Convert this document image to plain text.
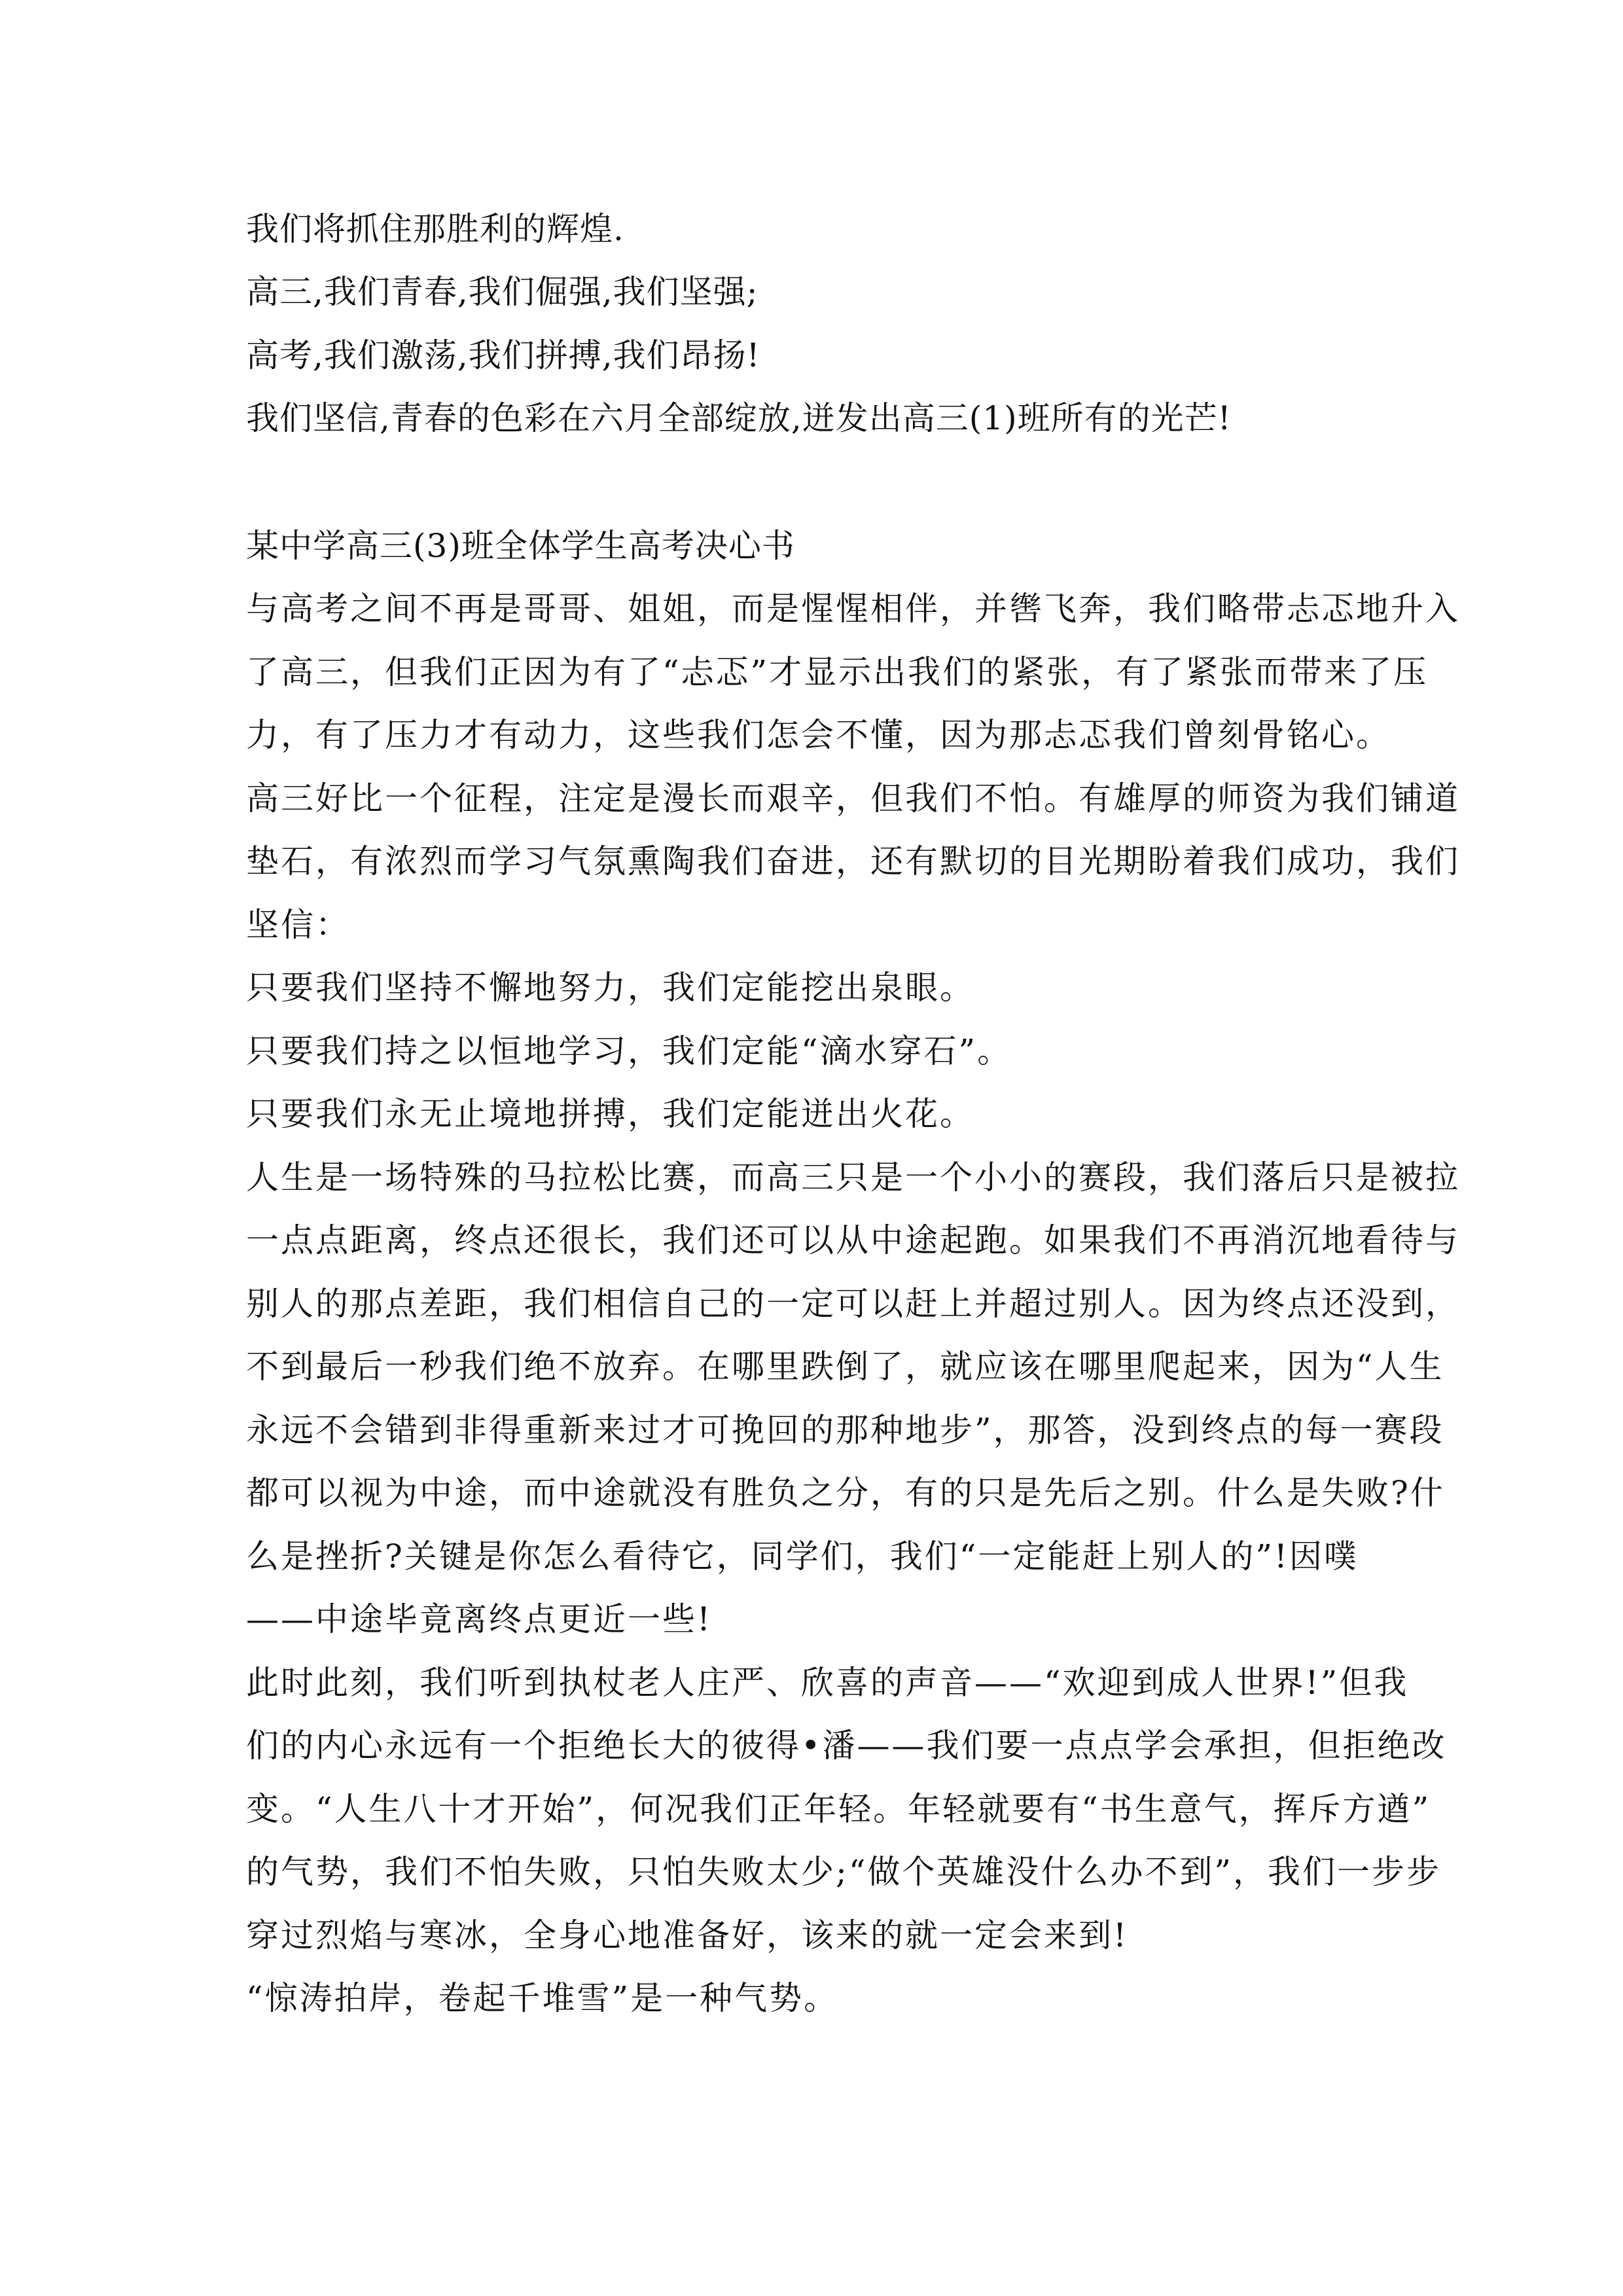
我们将抓住那胜利的辉煌.
高三,我们青春,我们倔强,我们坚强;
高考,我们激荡,我们拼搏,我们昂扬!
我们坚信,青春的色彩在六月全部绽放,迸发出高三(1)班所有的光芒!
某中学高三(3)班全体学生高考决心书
与高考之间不再是哥哥、姐姐，而是惺惺相伴，并辔飞奔，我们略带忐忑地升入
了高三，但我们正因为有了“忐忑”才显示出我们的紧张，有了紧张而带来了压
力，有了压力才有动力，这些我们怎会不懂，因为那忐忑我们曾刻骨铭心。
高三好比一个征程，注定是漫长而艰辛，但我们不怕。有雄厚的师资为我们铺道
垫石，有浓烈而学习气氛熏陶我们奋进，还有默切的目光期盼着我们成功，我们
坚信：
只要我们坚持不懈地努力，我们定能挖出泉眼。
只要我们持之以恒地学习，我们定能“滴水穿石”。
只要我们永无止境地拼搏，我们定能迸出火花。
人生是一场特殊的马拉松比赛，而高三只是一个小小的赛段，我们落后只是被拉
一点点距离，终点还很长，我们还可以从中途起跑。如果我们不再消沉地看待与
别人的那点差距，我们相信自己的一定可以赶上并超过别人。因为终点还没到，
不到最后一秒我们绝不放弃。在哪里跌倒了，就应该在哪里爬起来，因为“人生
永远不会错到非得重新来过才可挽回的那种地步”，那答，没到终点的每一赛段
都可以视为中途，而中途就没有胜负之分，有的只是先后之别。什么是失败?什
么是挫折?关键是你怎么看待它，同学们，我们“一定能赶上别人的”!因噗
——中途毕竟离终点更近一些!
此时此刻，我们听到执杖老人庄严、欣喜的声音——“欢迎到成人世界!”但我
们的内心永远有一个拒绝长大的彼得•潘——我们要一点点学会承担，但拒绝改
变。“人生八十才开始”，何况我们正年轻。年轻就要有“书生意气，挥斥方遒”
的气势，我们不怕失败，只怕失败太少;“做个英雄没什么办不到”，我们一步步
穿过烈焰与寒冰，全身心地准备好，该来的就一定会来到!
“惊涛拍岸，卷起千堆雪”是一种气势。
